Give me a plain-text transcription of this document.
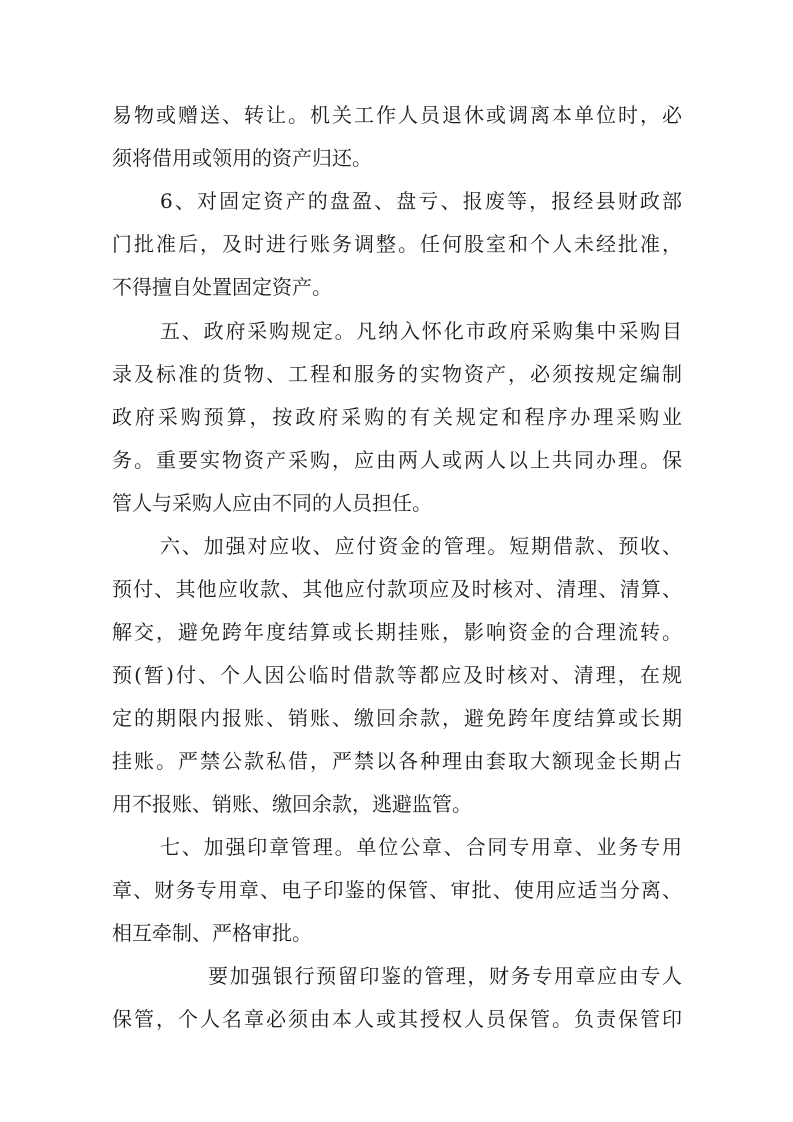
易物或赠送、转让。机关工作人员退休或调离本单位时，必

须将借用或领用的资产归还。

6、对固定资产的盘盈、盘亏、报废等，报经县财政部

门批准后，及时进行账务调整。任何股室和个人未经批准，

不得擅自处置固定资产。

五、政府采购规定。凡纳入怀化市政府采购集中采购目

录及标准的货物、工程和服务的实物资产，必须按规定编制

政府采购预算，按政府采购的有关规定和程序办理采购业

务。重要实物资产采购，应由两人或两人以上共同办理。保

管人与采购人应由不同的人员担任。

六、加强对应收、应付资金的管理。短期借款、预收、

预付、其他应收款、其他应付款项应及时核对、清理、清算、

解交，避免跨年度结算或长期挂账，影响资金的合理流转。

预(暂)付、个人因公临时借款等都应及时核对、清理，在规

定的期限内报账、销账、缴回余款，避免跨年度结算或长期

挂账。严禁公款私借，严禁以各种理由套取大额现金长期占

用不报账、销账、缴回余款，逃避监管。

七、加强印章管理。单位公章、合同专用章、业务专用

章、财务专用章、电子印鉴的保管、审批、使用应适当分离、

相互牵制、严格审批。

要加强银行预留印鉴的管理，财务专用章应由专人

保管，个人名章必须由本人或其授权人员保管。负责保管印
